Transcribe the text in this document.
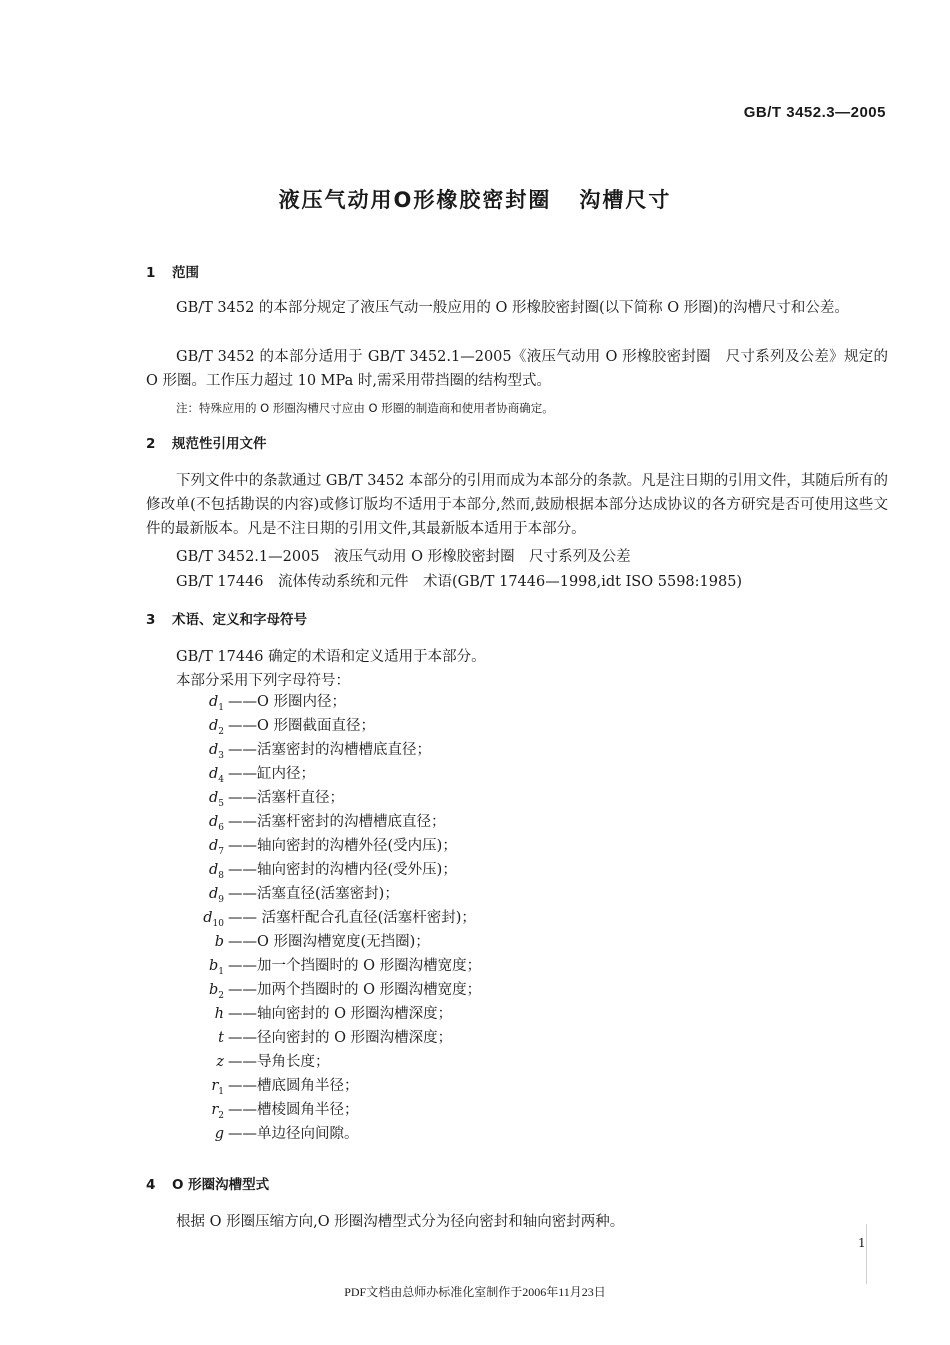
GB/T 3452.3—2005
液压气动用O形橡胶密封圈 沟槽尺寸
1 范围

GB/T 3452 的本部分规定了液压气动一般应用的 O 形橡胶密封圈(以下简称 O 形圈)的沟槽尺寸和公差。

GB/T 3452 的本部分适用于 GB/T 3452.1—2005《液压气动用 O 形橡胶密封圈　尺寸系列及公差》规定的 O 形圈。工作压力超过 10 MPa 时,需采用带挡圈的结构型式。

注：特殊应用的 O 形圈沟槽尺寸应由 O 形圈的制造商和使用者协商确定。
2 规范性引用文件

下列文件中的条款通过 GB/T 3452 本部分的引用而成为本部分的条款。凡是注日期的引用文件，其随后所有的修改单(不包括勘误的内容)或修订版均不适用于本部分,然而,鼓励根据本部分达成协议的各方研究是否可使用这些文件的最新版本。凡是不注日期的引用文件,其最新版本适用于本部分。

GB/T 3452.1—2005　液压气动用 O 形橡胶密封圈　尺寸系列及公差
GB/T 17446　流体传动系统和元件　术语(GB/T 17446—1998,idt ISO 5598:1985)
3 术语、定义和字母符号
GB/T 17446 确定的术语和定义适用于本部分。
本部分采用下列字母符号：
$d_1$ ——O 形圈内径；
$d_2$ ——O 形圈截面直径；
$d_3$ ——活塞密封的沟槽槽底直径；
$d_4$ ——缸内径；
$d_5$ ——活塞杆直径；
$d_6$ ——活塞杆密封的沟槽槽底直径；
$d_7$ ——轴向密封的沟槽外径(受内压)；
$d_8$ ——轴向密封的沟槽内径(受外压)；
$d_9$ ——活塞直径(活塞密封)；
$d_{10}$ —— 活塞杆配合孔直径(活塞杆密封)；
b ——O 形圈沟槽宽度(无挡圈)；
$b_1$ ——加一个挡圈时的 O 形圈沟槽宽度；
$b_2$ ——加两个挡圈时的 O 形圈沟槽宽度；
h ——轴向密封的 O 形圈沟槽深度；
t ——径向密封的 O 形圈沟槽深度；
z ——导角长度；
$r_1$ ——槽底圆角半径；
$r_2$ ——槽棱圆角半径；
g ——单边径向间隙。
4 O 形圈沟槽型式
根据 O 形圈压缩方向,O 形圈沟槽型式分为径向密封和轴向密封两种。
1
PDF文档由总师办标准化室制作于2006年11月23日
